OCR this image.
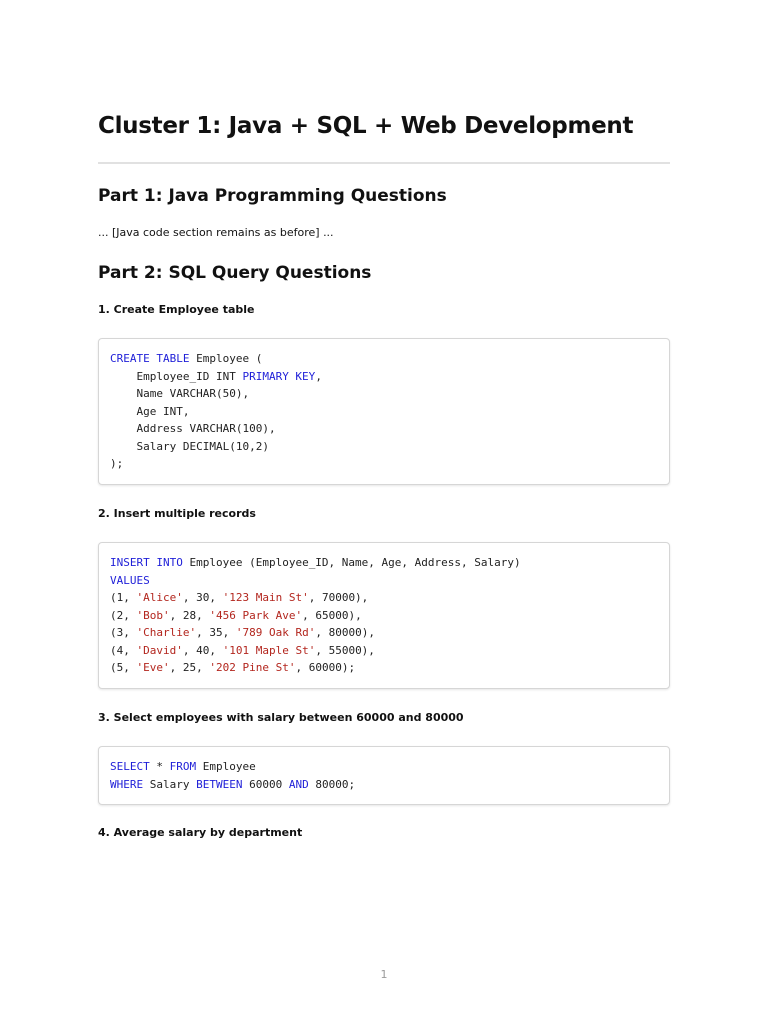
Cluster 1: Java + SQL + Web Development
Part 1: Java Programming Questions

... [Java code section remains as before] ...

Part 2: SQL Query Questions
1. Create Employee table
CREATE TABLE Employee (
Employee_ID INT PRIMARY KEY,
Name VARCHAR(50),
Age INT,
Address VARCHAR(100),
Salary DECIMAL(10,2)
);
2. Insert multiple records
INSERT INTO Employee (Employee_ID, Name, Age, Address, Salary)
VALUES
(1, 'Alice', 30, '123 Main St', 70000),
(2, 'Bob', 28, '456 Park Ave', 65000),
(3, 'Charlie', 35, '789 Oak Rd', 80000),
(4, 'David', 40, '101 Maple St', 55000),
(5, 'Eve', 25, '202 Pine St', 60000);
3. Select employees with salary between 60000 and 80000
SELECT * FROM Employee
WHERE Salary BETWEEN 60000 AND 80000;
4. Average salary by department
1
